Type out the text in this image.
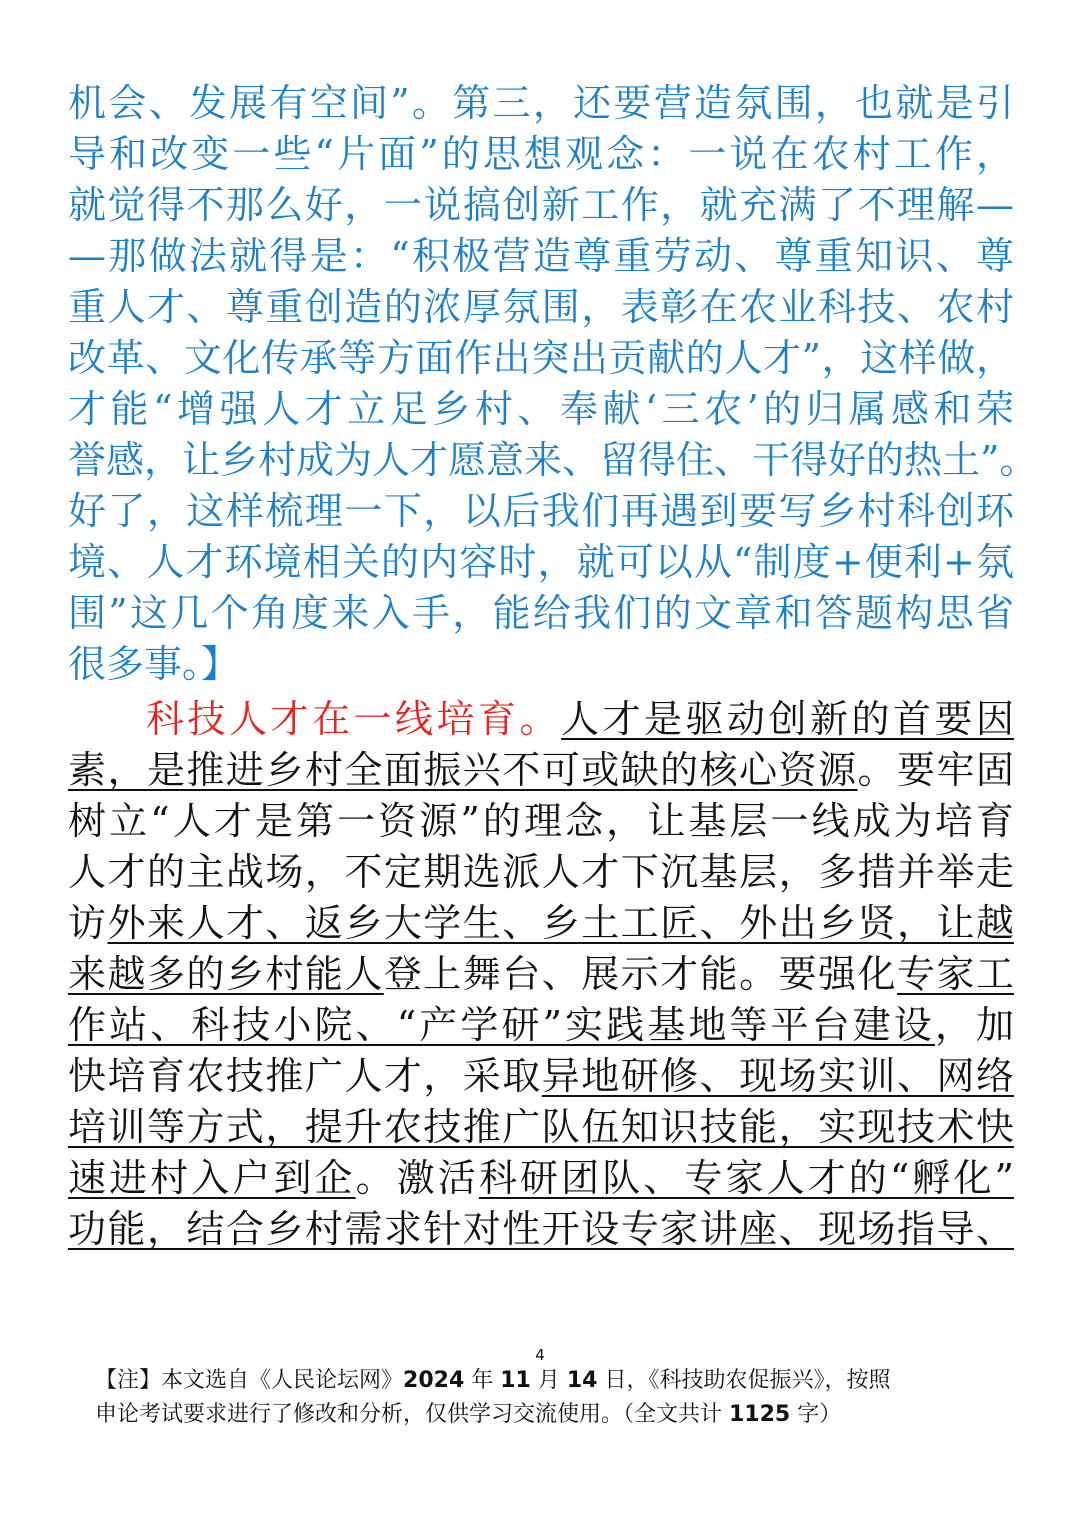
机会、发展有空间”。第三，还要营造氛围，也就是引
导和改变一些“片面”的思想观念：一说在农村工作，
就觉得不那么好，一说搞创新工作，就充满了不理解—
—那做法就得是：“积极营造尊重劳动、尊重知识、尊
重人才、尊重创造的浓厚氛围，表彰在农业科技、农村
改革、文化传承等方面作出突出贡献的人才”，这样做，
才能“增强人才立足乡村、奉献‘三农’的归属感和荣
誉感，让乡村成为人才愿意来、留得住、干得好的热土”。
好了，这样梳理一下，以后我们再遇到要写乡村科创环
境、人才环境相关的内容时，就可以从“制度+便利+氛
围”这几个角度来入手，能给我们的文章和答题构思省
很多事。】
科技人才在一线培育。人才是驱动创新的首要因
素，是推进乡村全面振兴不可或缺的核心资源。要牢固
树立“人才是第一资源”的理念，让基层一线成为培育
人才的主战场，不定期选派人才下沉基层，多措并举走
访外来人才、返乡大学生、乡土工匠、外出乡贤，让越
来越多的乡村能人登上舞台、展示才能。要强化专家工
作站、科技小院、“产学研”实践基地等平台建设，加
快培育农技推广人才，采取异地研修、现场实训、网络
培训等方式，提升农技推广队伍知识技能，实现技术快
速进村入户到企。激活科研团队、专家人才的“孵化”
功能，结合乡村需求针对性开设专家讲座、现场指导、
4
【注】本文选自《人民论坛网》2024 年 11 月 14 日，《科技助农促振兴》，按照
申论考试要求进行了修改和分析，仅供学习交流使用。（全文共计 1125 字）
